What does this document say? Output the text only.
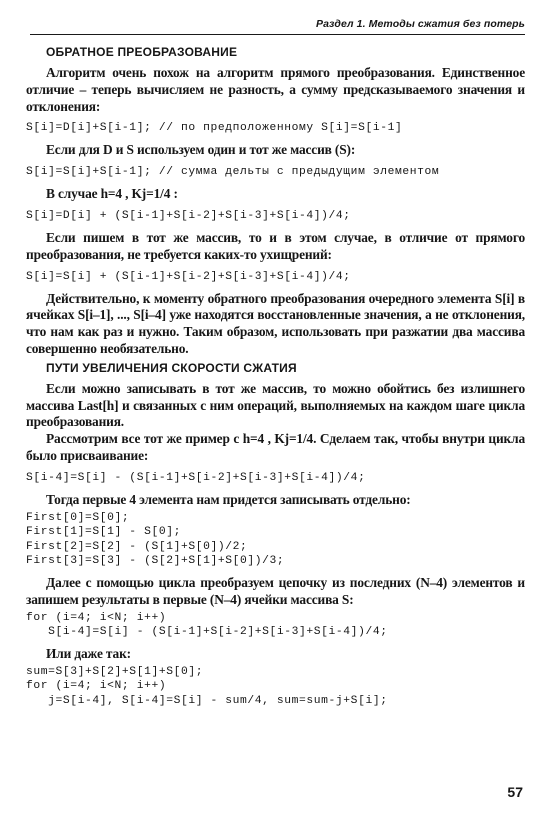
Раздел 1. Методы сжатия без потерь
ОБРАТНОЕ ПРЕОБРАЗОВАНИЕ

Алгоритм очень похож на алгоритм прямого преобразования. Единственное отличие – теперь вычисляем не разность, а сумму предсказываемого значения и отклонения:

S[i]=D[i]+S[i-1]; // по предположенному S[i]=S[i-1]

Если для D и S используем один и тот же массив (S):

S[i]=S[i]+S[i-1]; // сумма дельты с предыдущим элементом

В случае h=4 , Kj=1/4 :

S[i]=D[i] + (S[i-1]+S[i-2]+S[i-3]+S[i-4])/4;

Если пишем в тот же массив, то и в этом случае, в отличие от прямого преобразования, не требуется каких-то ухищрений:

S[i]=S[i] + (S[i-1]+S[i-2]+S[i-3]+S[i-4])/4;

Действительно, к моменту обратного преобразования очередного элемента S[i] в ячейках S[i–1], ..., S[i–4] уже находятся восстановленные значения, а не отклонения, что нам как раз и нужно. Таким образом, использовать при разжатии два массива совершенно необязательно.

ПУТИ УВЕЛИЧЕНИЯ СКОРОСТИ СЖАТИЯ

Если можно записывать в тот же массив, то можно обойтись без излишнего массива Last[h] и связанных с ним операций, выполняемых на каждом шаге цикла преобразования.

Рассмотрим все тот же пример с h=4 , Kj=1/4. Сделаем так, чтобы внутри цикла было присваивание:

S[i-4]=S[i] - (S[i-1]+S[i-2]+S[i-3]+S[i-4])/4;

Тогда первые 4 элемента нам придется записывать отдельно:

First[0]=S[0];
First[1]=S[1] - S[0];
First[2]=S[2] - (S[1]+S[0])/2;
First[3]=S[3] - (S[2]+S[1]+S[0])/3;

Далее с помощью цикла преобразуем цепочку из последних (N–4) элементов и запишем результаты в первые (N–4) ячейки массива S:

for (i=4; i<N; i++)
S[i-4]=S[i] - (S[i-1]+S[i-2]+S[i-3]+S[i-4])/4;

Или даже так:

sum=S[3]+S[2]+S[1]+S[0];
for (i=4; i<N; i++)
j=S[i-4], S[i-4]=S[i] - sum/4, sum=sum-j+S[i];
57
